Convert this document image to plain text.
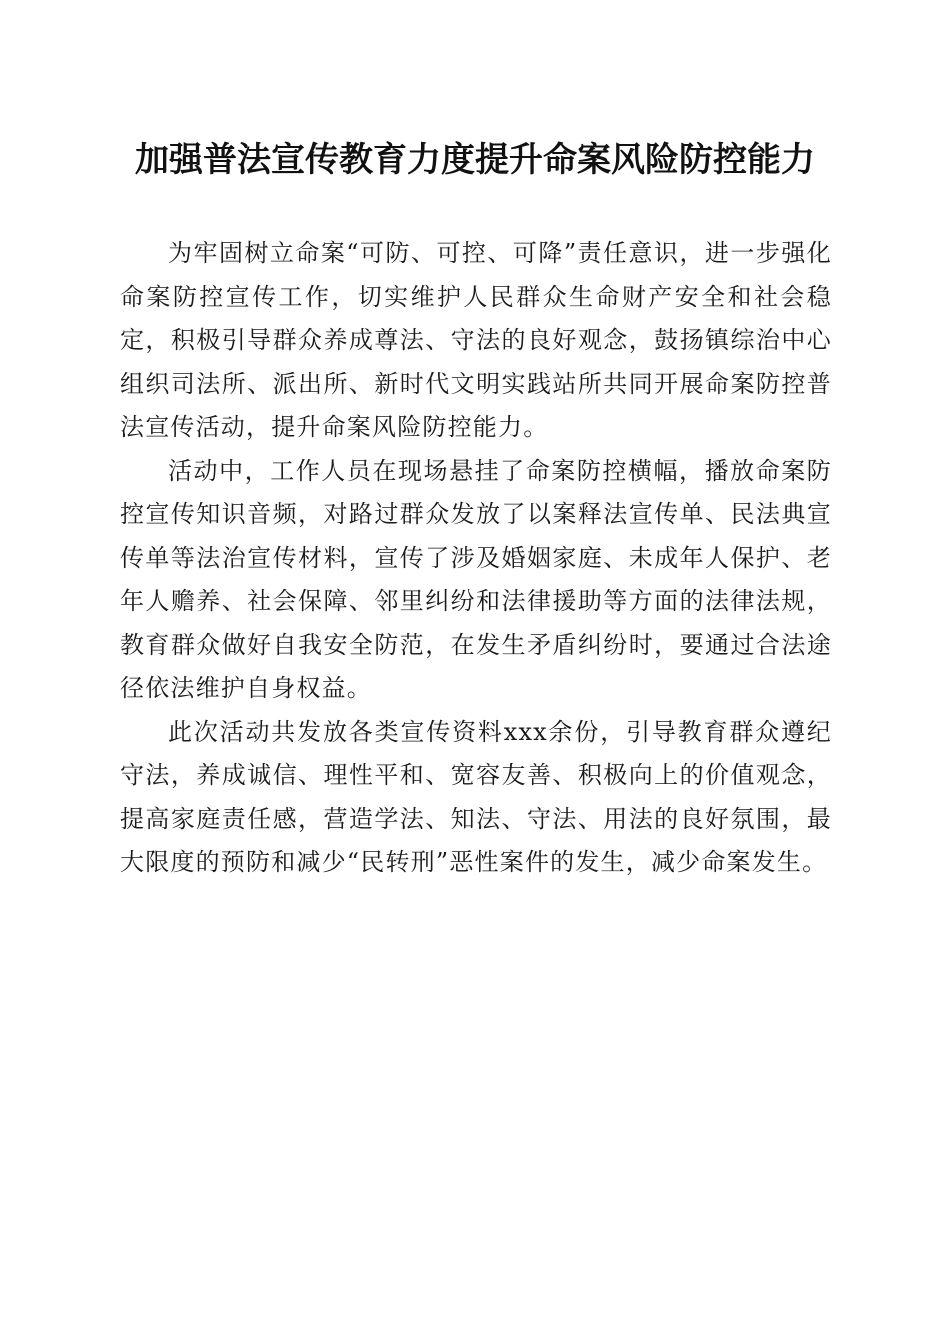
加强普法宣传教育力度提升命案风险防控能力

为牢固树立命案“可防、可控、可降”责任意识，进一步强化命案防控宣传工作，切实维护人民群众生命财产安全和社会稳定，积极引导群众养成尊法、守法的良好观念，鼓扬镇综治中心组织司法所、派出所、新时代文明实践站所共同开展命案防控普法宣传活动，提升命案风险防控能力。

活动中，工作人员在现场悬挂了命案防控横幅，播放命案防控宣传知识音频，对路过群众发放了以案释法宣传单、民法典宣传单等法治宣传材料，宣传了涉及婚姻家庭、未成年人保护、老年人赡养、社会保障、邻里纠纷和法律援助等方面的法律法规，教育群众做好自我安全防范，在发生矛盾纠纷时，要通过合法途径依法维护自身权益。

此次活动共发放各类宣传资料xxx余份，引导教育群众遵纪守法，养成诚信、理性平和、宽容友善、积极向上的价值观念，提高家庭责任感，营造学法、知法、守法、用法的良好氛围，最大限度的预防和减少“民转刑”恶性案件的发生，减少命案发生。
